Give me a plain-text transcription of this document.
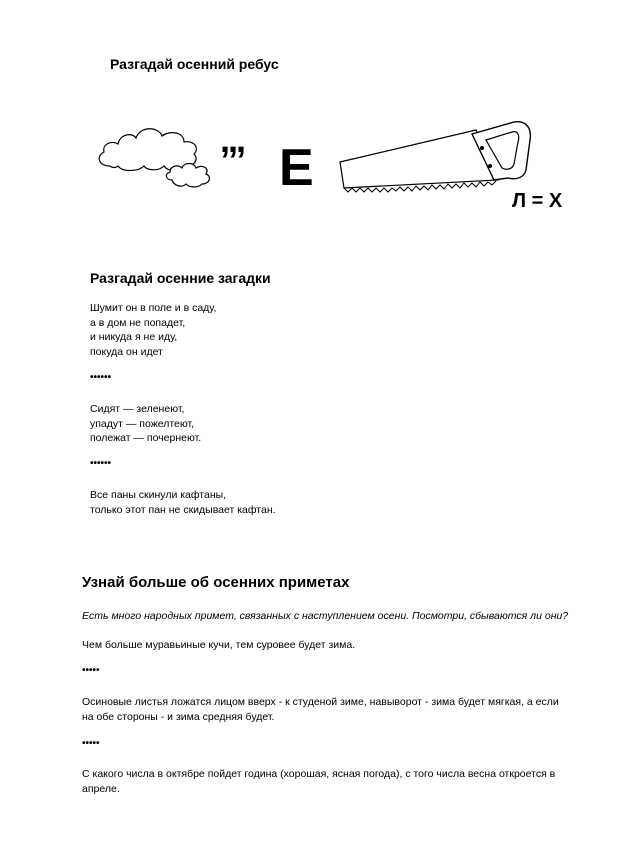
Разгадай осенний ребус
,,, Е
Л = Х
Разгадай осенние загадки
Шумит он в поле и в саду,
а в дом не попадет,
и никуда я не иду,
покуда он идет
••••••
Сидят — зеленеют,
упадут — пожелтеют,
полежат — почернеют.
••••••
Все паны скинули кафтаны,
только этот пан не скидывает кафтан.
Узнай больше об осенних приметах
Есть много народных примет, связанных с наступлением осени. Посмотри, сбываются ли они?
Чем больше муравьиные кучи, тем суровее будет зима.
•••••
Осиновые листья ложатся лицом вверх - к студеной зиме, навыворот - зима будет мягкая, а если
на обе стороны - и зима средняя будет.
•••••
С какого числа в октябре пойдет година (хорошая, ясная погода), с того числа весна откроется в
апреле.
